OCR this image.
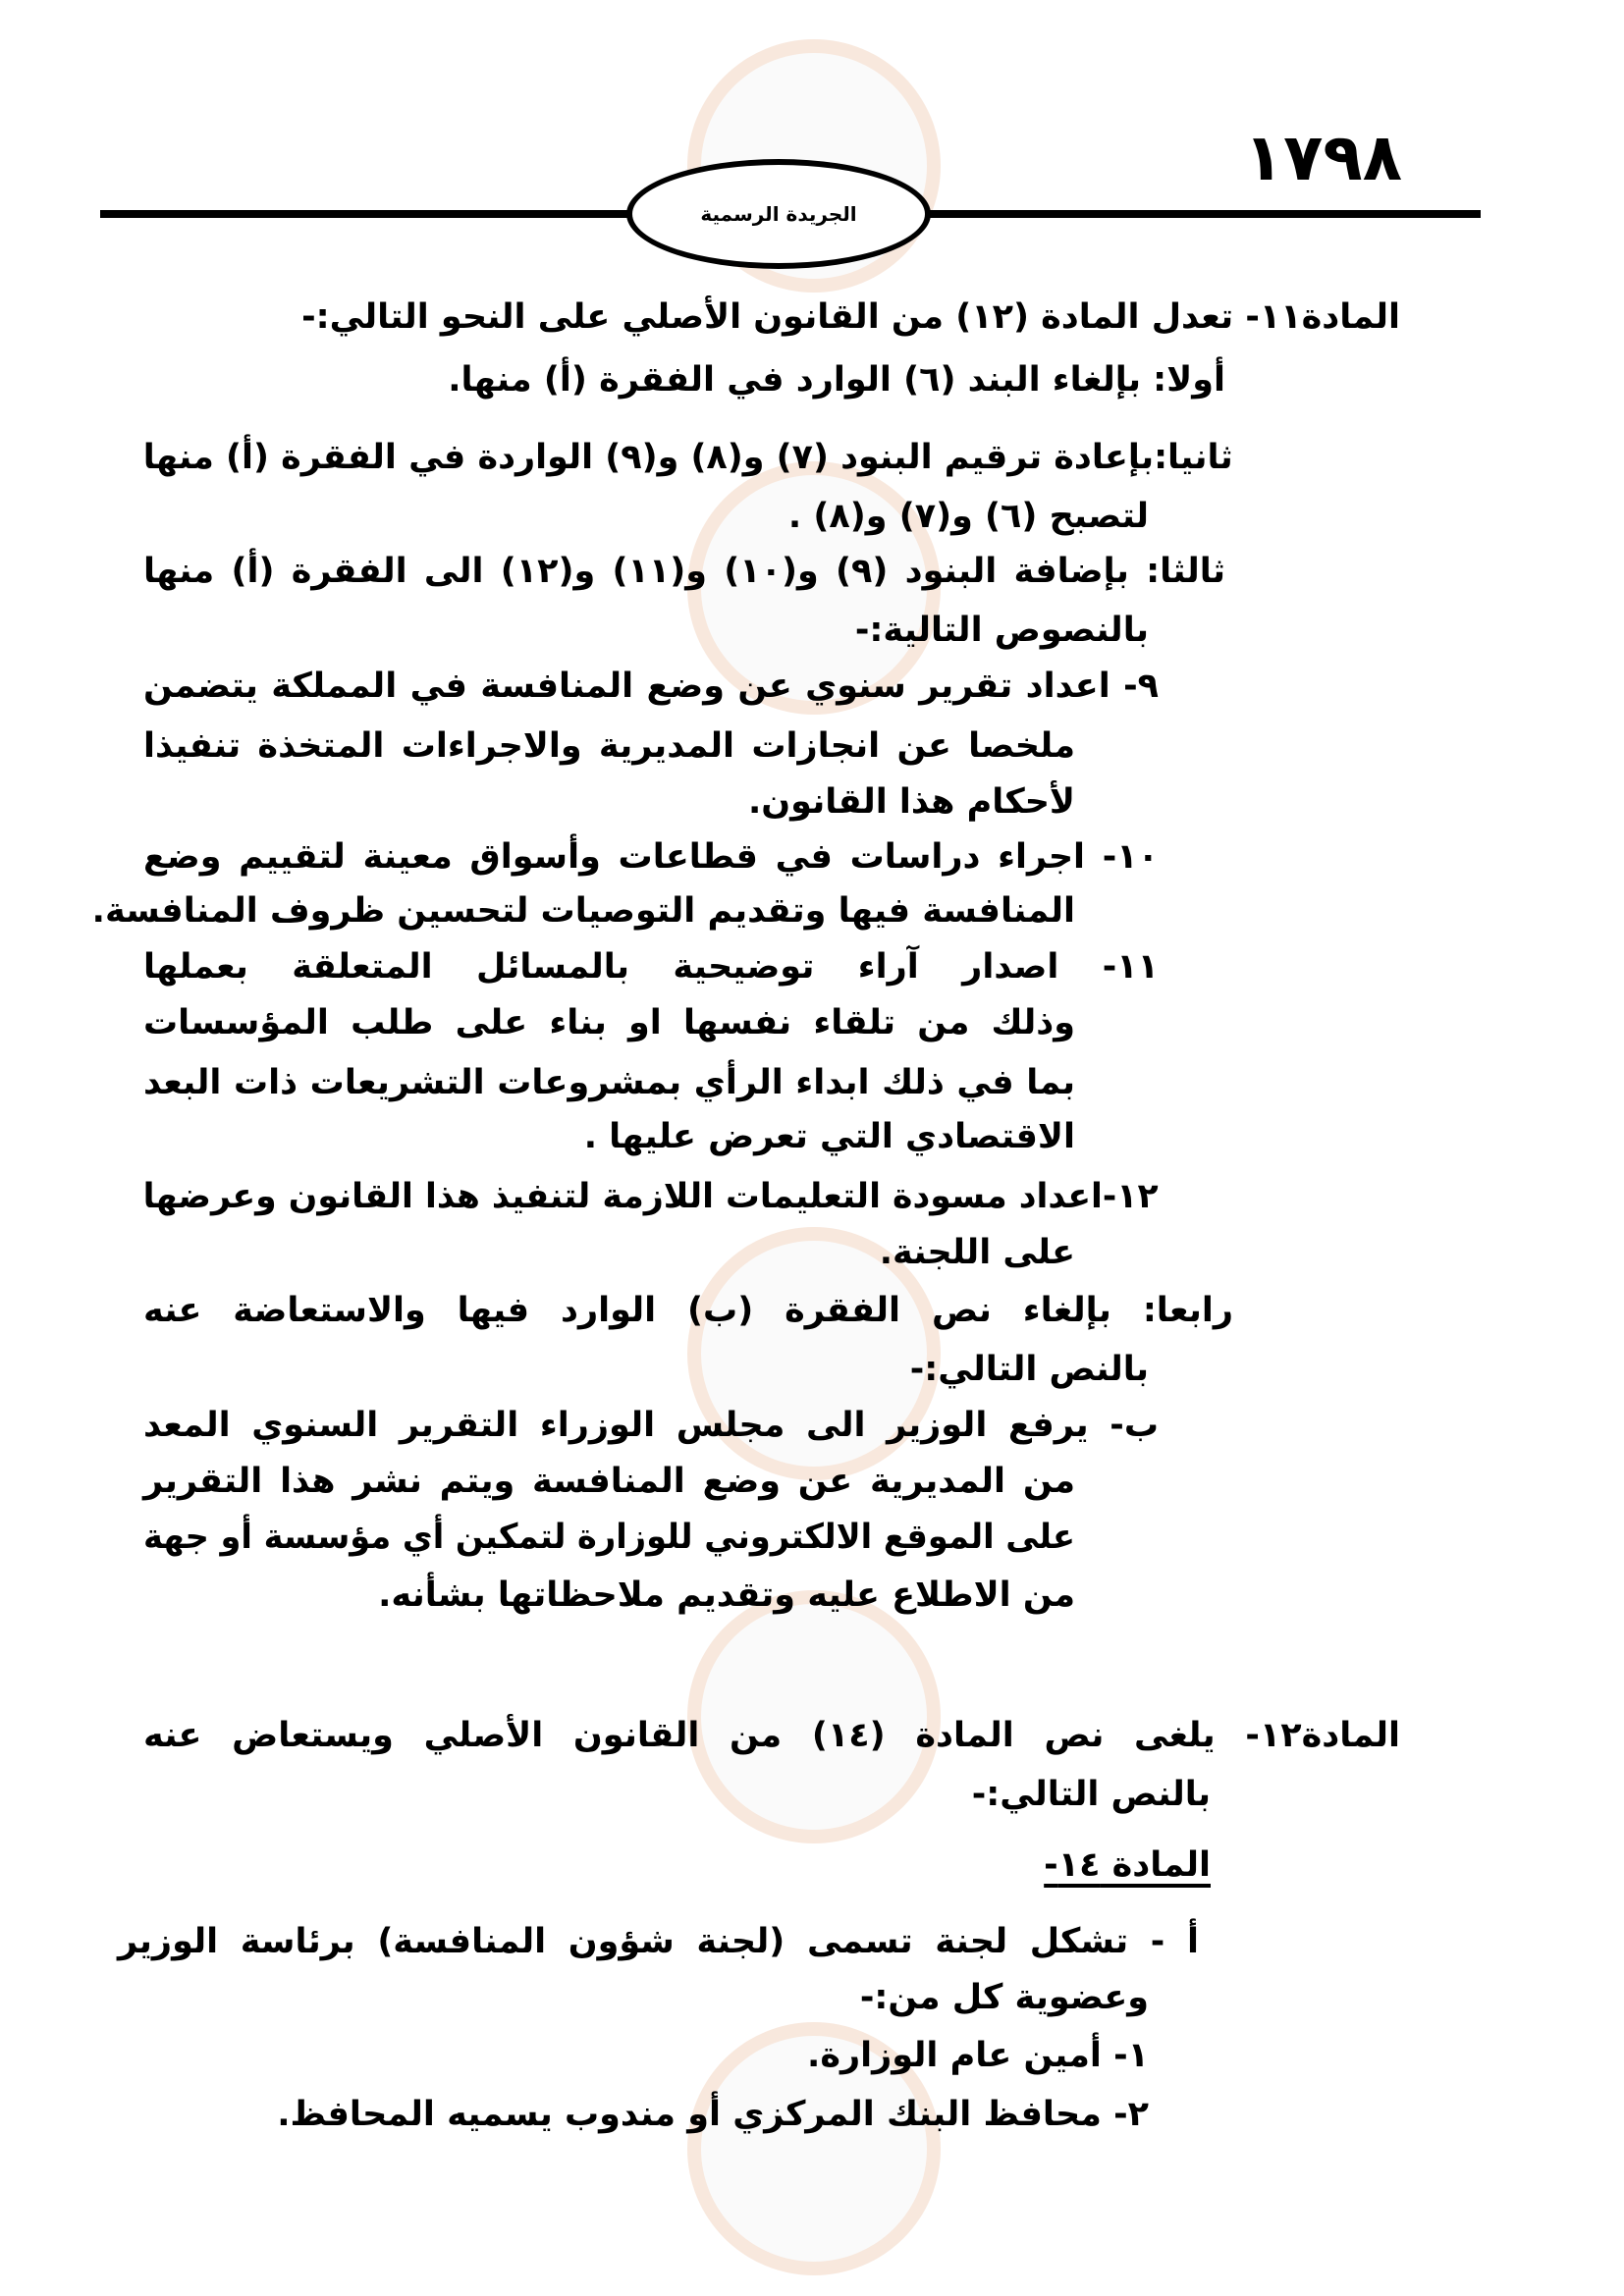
١٧٩٨
الجريدة الرسمية
المادة١١- تعدل المادة (١٢) من القانون الأصلي على النحو التالي:-
أولا: بإلغاء البند (٦) الوارد في الفقرة (أ) منها.
ثانيا:بإعادة ترقيم البنود (٧) و(٨) و(٩) الواردة في الفقرة (أ) منها
لتصبح (٦) و(٧) و(٨) .
ثالثا: بإضافة البنود (٩) و(١٠) و(١١) و(١٢) الى الفقرة (أ) منها
بالنصوص التالية:-
٩- اعداد تقرير سنوي عن وضع المنافسة في المملكة يتضمن
ملخصا عن انجازات المديرية والاجراءات المتخذة تنفيذا
لأحكام هذا القانون.
١٠- اجراء دراسات في قطاعات وأسواق معينة لتقييم وضع
المنافسة فيها وتقديم التوصيات لتحسين ظروف المنافسة.
١١- اصدار آراء توضيحية بالمسائل المتعلقة بعملها
وذلك من تلقاء نفسها او بناء على طلب المؤسسات
بما في ذلك ابداء الرأي بمشروعات التشريعات ذات البعد
الاقتصادي التي تعرض عليها .
١٢-اعداد مسودة التعليمات اللازمة لتنفيذ هذا القانون وعرضها
على اللجنة.
رابعا: بإلغاء نص الفقرة (ب) الوارد فيها والاستعاضة عنه
بالنص التالي:-
ب- يرفع الوزير الى مجلس الوزراء التقرير السنوي المعد
من المديرية عن وضع المنافسة ويتم نشر هذا التقرير
على الموقع الالكتروني للوزارة لتمكين أي مؤسسة أو جهة
من الاطلاع عليه وتقديم ملاحظاتها بشأنه.
المادة١٢- يلغى نص المادة (١٤) من القانون الأصلي ويستعاض عنه
بالنص التالي:-
المادة ١٤-
أ - تشكل لجنة تسمى (لجنة شؤون المنافسة) برئاسة الوزير
وعضوية كل من:-
١- أمين عام الوزارة.
٢- محافظ البنك المركزي أو مندوب يسميه المحافظ.
